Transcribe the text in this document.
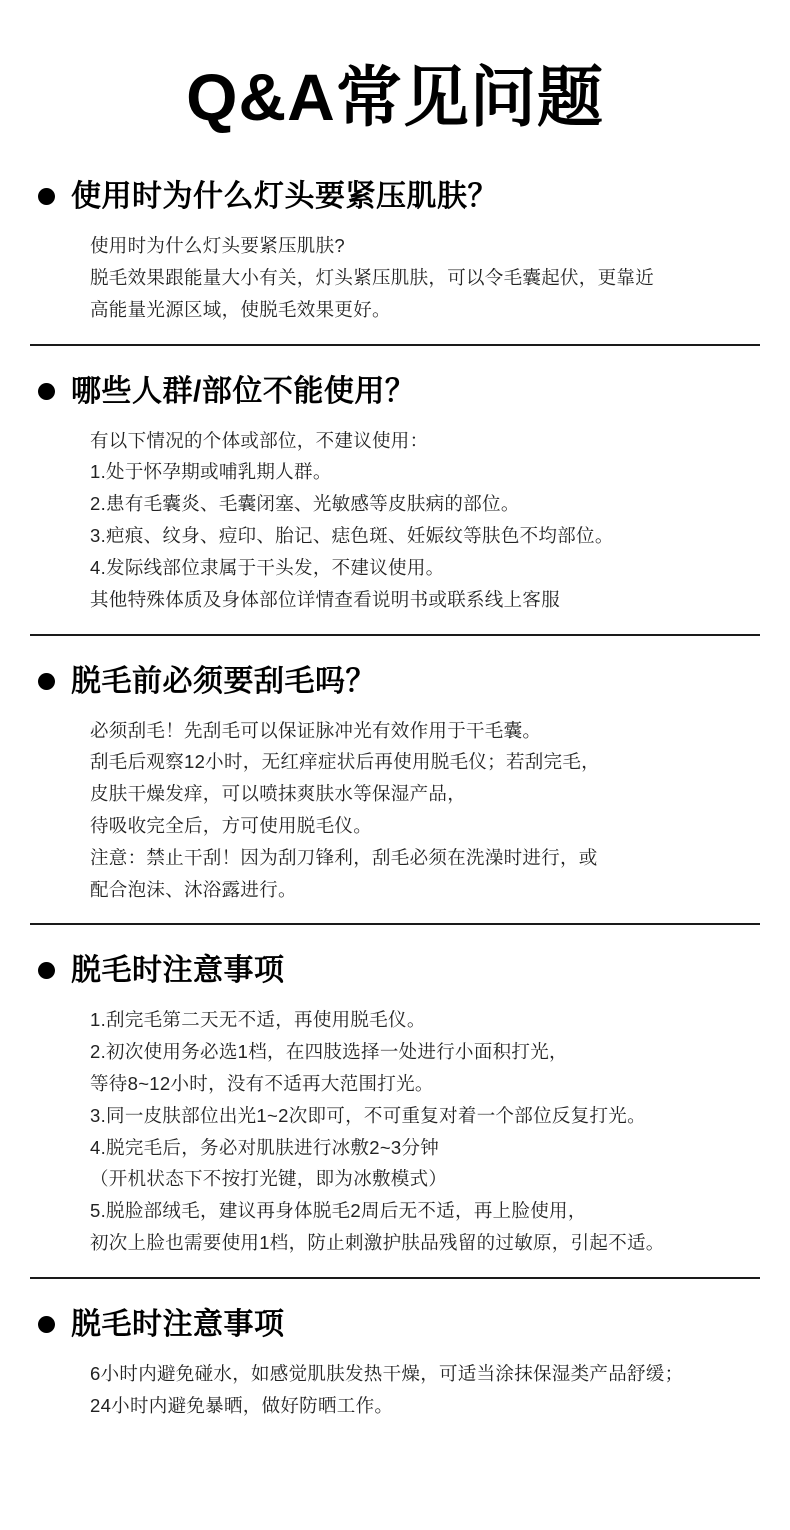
Q&A常见问题
使用时为什么灯头要紧压肌肤？
使用时为什么灯头要紧压肌肤?
脱毛效果跟能量大小有关，灯头紧压肌肤，可以令毛囊起伏，更靠近
高能量光源区域，使脱毛效果更好。
哪些人群/部位不能使用？
有以下情况的个体或部位，不建议使用：
1.处于怀孕期或哺乳期人群。
2.患有毛囊炎、毛囊闭塞、光敏感等皮肤病的部位。
3.疤痕、纹身、痘印、胎记、痣色斑、妊娠纹等肤色不均部位。
4.发际线部位隶属于干头发，不建议使用。
其他特殊体质及身体部位详情查看说明书或联系线上客服
脱毛前必须要刮毛吗？
必须刮毛！先刮毛可以保证脉冲光有效作用于干毛囊。
刮毛后观察12小时，无红痒症状后再使用脱毛仪；若刮完毛，
皮肤干燥发痒，可以喷抹爽肤水等保湿产品，
待吸收完全后，方可使用脱毛仪。
注意：禁止干刮！因为刮刀锋利，刮毛必须在洗澡时进行，或
配合泡沫、沐浴露进行。
脱毛时注意事项
1.刮完毛第二天无不适，再使用脱毛仪。
2.初次使用务必选1档，在四肢选择一处进行小面积打光，
等待8~12小时，没有不适再大范围打光。
3.同一皮肤部位出光1~2次即可，不可重复对着一个部位反复打光。
4.脱完毛后，务必对肌肤进行冰敷2~3分钟
（开机状态下不按打光键，即为冰敷模式）
5.脱脸部绒毛，建议再身体脱毛2周后无不适，再上脸使用，
初次上脸也需要使用1档，防止刺激护肤品残留的过敏原，引起不适。
脱毛时注意事项
6小时内避免碰水，如感觉肌肤发热干燥，可适当涂抹保湿类产品舒缓；
24小时内避免暴晒，做好防晒工作。
